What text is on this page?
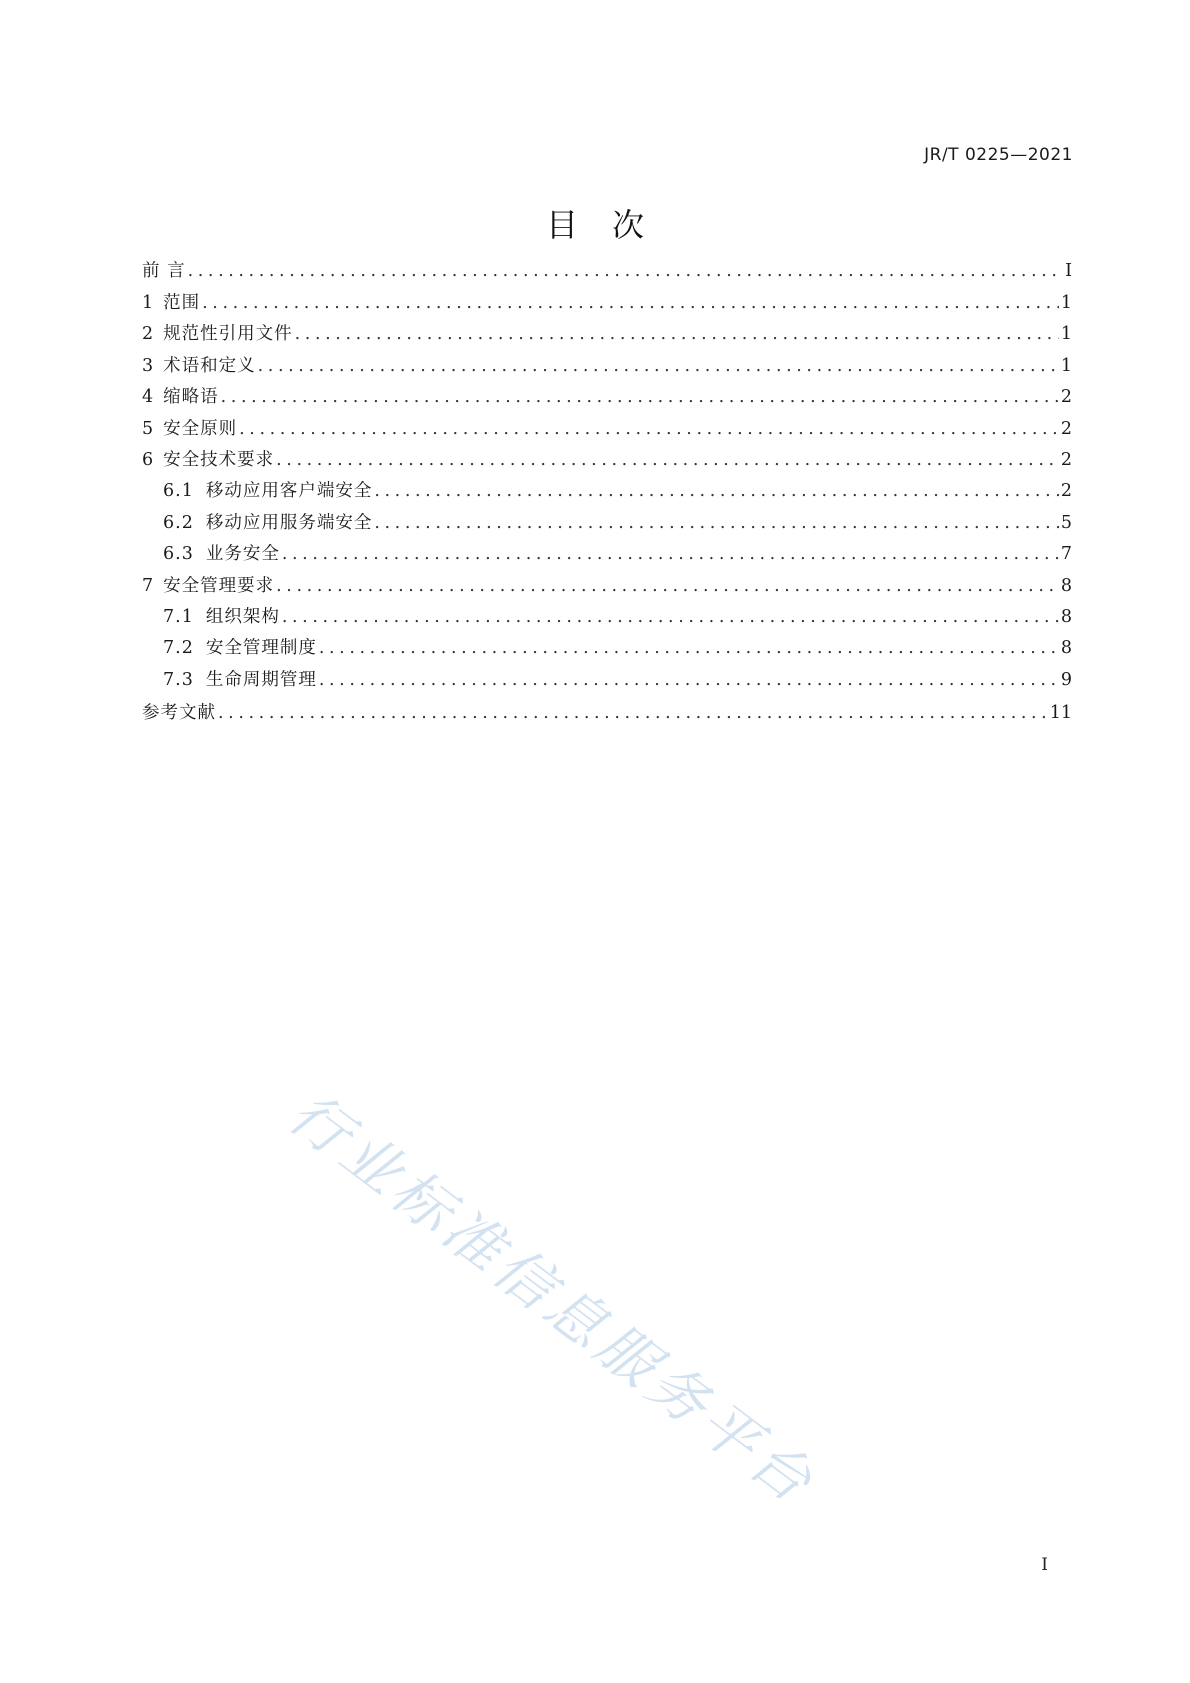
JR/T 0225—2021
目 次
前 言 .....	I
1 范围 .....	1
2 规范性引用文件 .....	1
3 术语和定义 .....	1
4 缩略语 .....	2
5 安全原则 .....	2
6 安全技术要求 .....	2
6.1 移动应用客户端安全 .....	2
6.2 移动应用服务端安全 .....	5
6.3 业务安全 .....	7
7 安全管理要求 .....	8
7.1 组织架构 .....	8
7.2 安全管理制度 .....	8
7.3 生命周期管理 .....	9
参考文献 .....	11
行业标准信息服务平台
I
